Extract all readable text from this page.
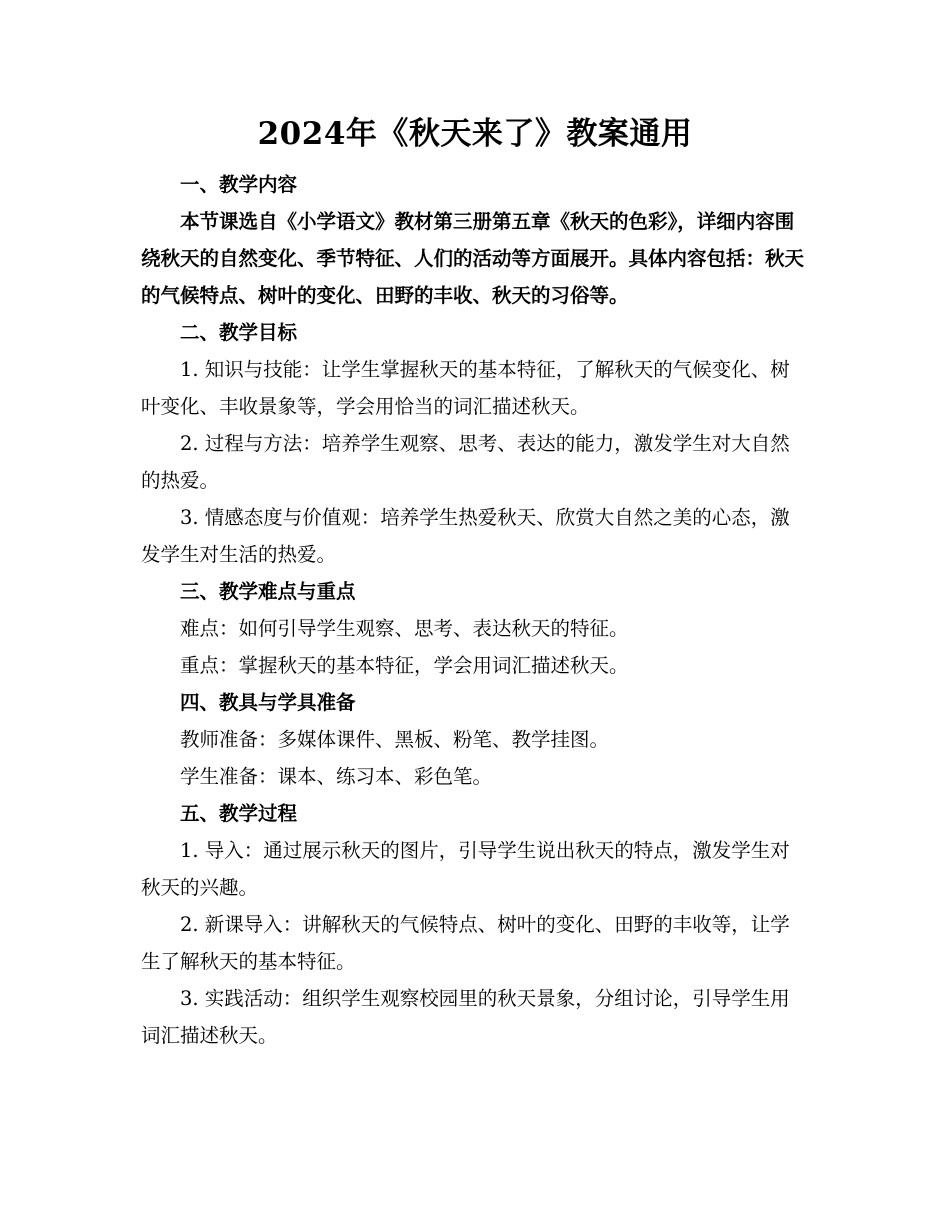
2024年《秋天来了》教案通用

一、教学内容

本节课选自《小学语文》教材第三册第五章《秋天的色彩》，详细内容围绕秋天的自然变化、季节特征、人们的活动等方面展开。具体内容包括：秋天的气候特点、树叶的变化、田野的丰收、秋天的习俗等。

二、教学目标

1. 知识与技能：让学生掌握秋天的基本特征，了解秋天的气候变化、树叶变化、丰收景象等，学会用恰当的词汇描述秋天。

2. 过程与方法：培养学生观察、思考、表达的能力，激发学生对大自然的热爱。

3. 情感态度与价值观：培养学生热爱秋天、欣赏大自然之美的心态，激发学生对生活的热爱。

三、教学难点与重点

难点：如何引导学生观察、思考、表达秋天的特征。

重点：掌握秋天的基本特征，学会用词汇描述秋天。

四、教具与学具准备

教师准备：多媒体课件、黑板、粉笔、教学挂图。

学生准备：课本、练习本、彩色笔。

五、教学过程

1. 导入：通过展示秋天的图片，引导学生说出秋天的特点，激发学生对秋天的兴趣。

2. 新课导入：讲解秋天的气候特点、树叶的变化、田野的丰收等，让学生了解秋天的基本特征。

3. 实践活动：组织学生观察校园里的秋天景象，分组讨论，引导学生用词汇描述秋天。
